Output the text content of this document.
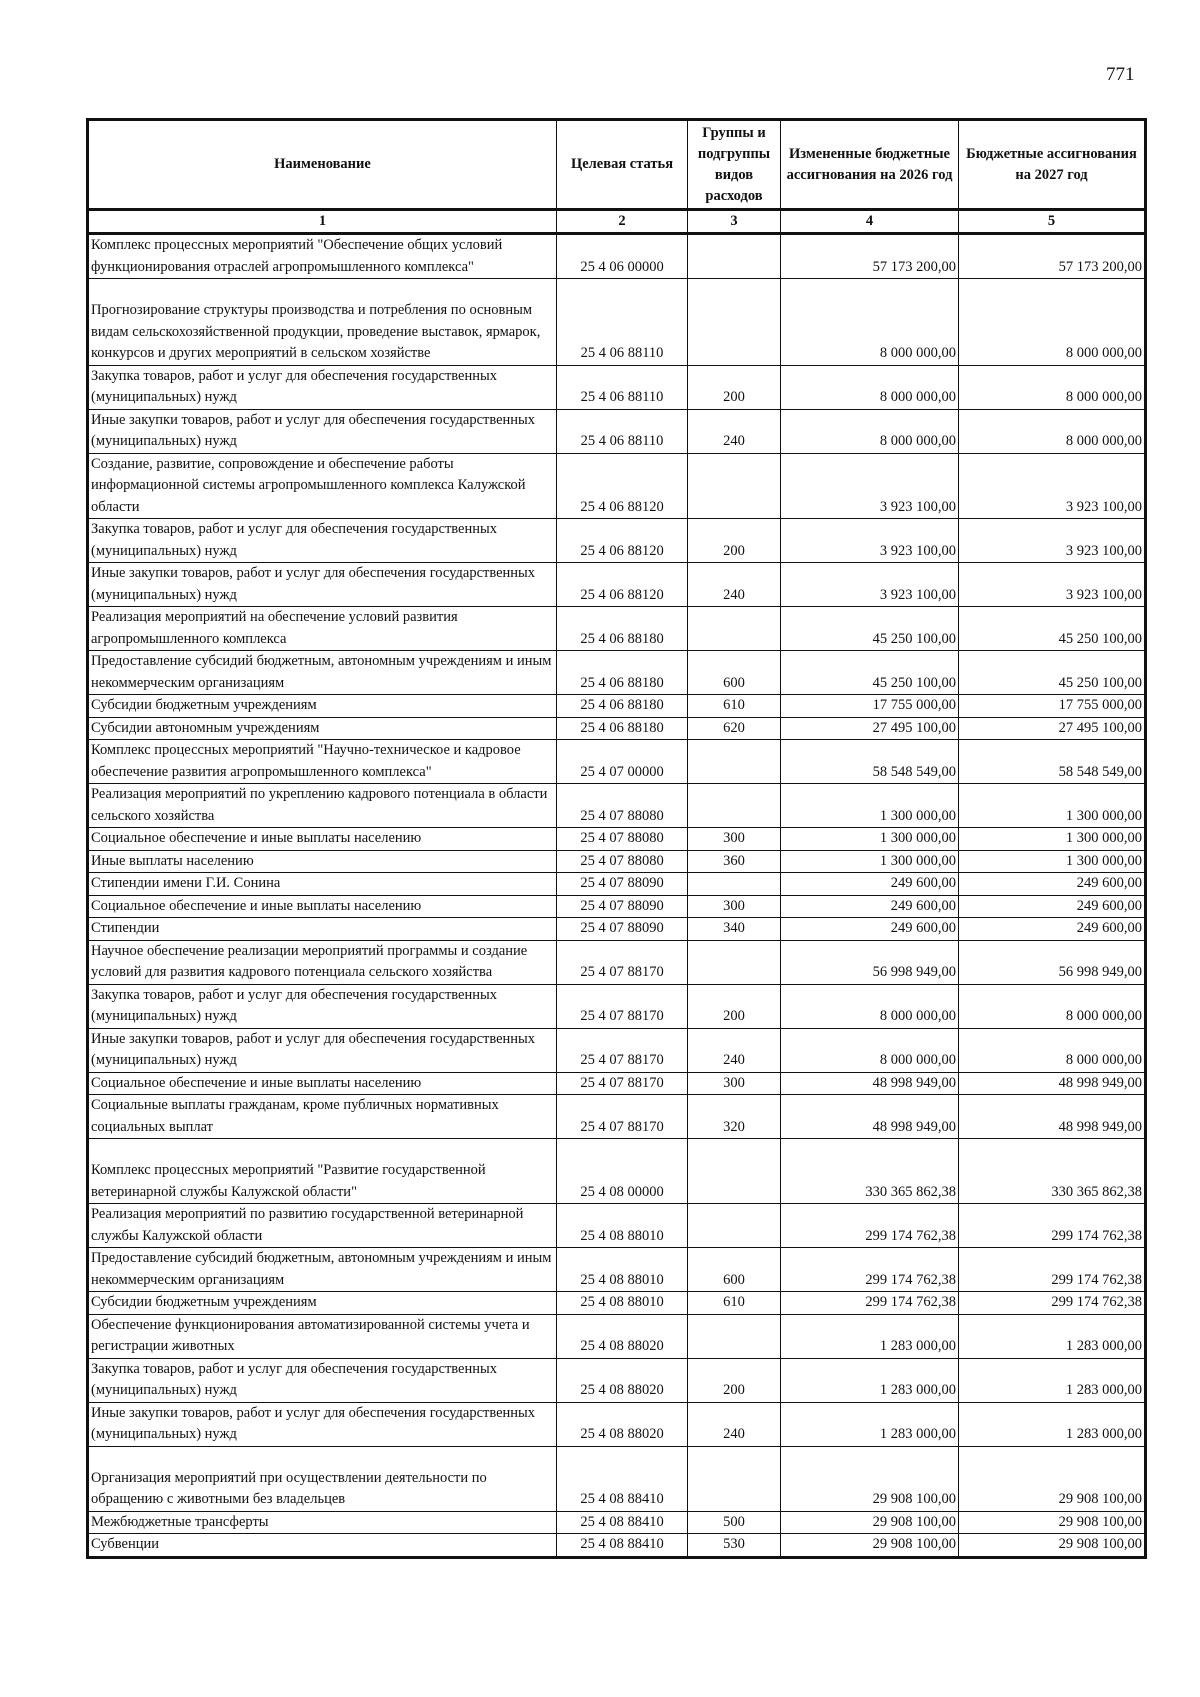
771
Наименование	Целевая статья	Группы и подгруппы видов расходов	Измененные бюджетные ассигнования на 2026 год	Бюджетные ассигнования на 2027 год
1	2	3	4	5
Комплекс процессных мероприятий "Обеспечение общих условий функционирования отраслей агропромышленного комплекса"	25 4 06 00000		57 173 200,00	57 173 200,00
Прогнозирование структуры производства и потребления по основным видам сельскохозяйственной продукции, проведение выставок, ярмарок, конкурсов и других мероприятий в сельском хозяйстве	25 4 06 88110		8 000 000,00	8 000 000,00
Закупка товаров, работ и услуг для обеспечения государственных (муниципальных) нужд	25 4 06 88110	200	8 000 000,00	8 000 000,00
Иные закупки товаров, работ и услуг для обеспечения государственных (муниципальных) нужд	25 4 06 88110	240	8 000 000,00	8 000 000,00
Создание, развитие, сопровождение и обеспечение работы информационной системы агропромышленного комплекса Калужской области	25 4 06 88120		3 923 100,00	3 923 100,00
Закупка товаров, работ и услуг для обеспечения государственных (муниципальных) нужд	25 4 06 88120	200	3 923 100,00	3 923 100,00
Иные закупки товаров, работ и услуг для обеспечения государственных (муниципальных) нужд	25 4 06 88120	240	3 923 100,00	3 923 100,00
Реализация мероприятий на обеспечение условий развития агропромышленного комплекса	25 4 06 88180		45 250 100,00	45 250 100,00
Предоставление субсидий бюджетным, автономным учреждениям и иным некоммерческим организациям	25 4 06 88180	600	45 250 100,00	45 250 100,00
Субсидии бюджетным учреждениям	25 4 06 88180	610	17 755 000,00	17 755 000,00
Субсидии автономным учреждениям	25 4 06 88180	620	27 495 100,00	27 495 100,00
Комплекс процессных мероприятий "Научно-техническое и кадровое обеспечение развития агропромышленного комплекса"	25 4 07 00000		58 548 549,00	58 548 549,00
Реализация мероприятий по укреплению кадрового потенциала в области сельского хозяйства	25 4 07 88080		1 300 000,00	1 300 000,00
Социальное обеспечение и иные выплаты населению	25 4 07 88080	300	1 300 000,00	1 300 000,00
Иные выплаты населению	25 4 07 88080	360	1 300 000,00	1 300 000,00
Стипендии имени Г.И. Сонина	25 4 07 88090		249 600,00	249 600,00
Социальное обеспечение и иные выплаты населению	25 4 07 88090	300	249 600,00	249 600,00
Стипендии	25 4 07 88090	340	249 600,00	249 600,00
Научное обеспечение реализации мероприятий программы и создание условий для развития кадрового потенциала сельского хозяйства	25 4 07 88170		56 998 949,00	56 998 949,00
Закупка товаров, работ и услуг для обеспечения государственных (муниципальных) нужд	25 4 07 88170	200	8 000 000,00	8 000 000,00
Иные закупки товаров, работ и услуг для обеспечения государственных (муниципальных) нужд	25 4 07 88170	240	8 000 000,00	8 000 000,00
Социальное обеспечение и иные выплаты населению	25 4 07 88170	300	48 998 949,00	48 998 949,00
Социальные выплаты гражданам, кроме публичных нормативных социальных выплат	25 4 07 88170	320	48 998 949,00	48 998 949,00
Комплекс процессных мероприятий "Развитие государственной ветеринарной службы Калужской области"	25 4 08 00000		330 365 862,38	330 365 862,38
Реализация мероприятий по развитию государственной ветеринарной службы Калужской области	25 4 08 88010		299 174 762,38	299 174 762,38
Предоставление субсидий бюджетным, автономным учреждениям и иным некоммерческим организациям	25 4 08 88010	600	299 174 762,38	299 174 762,38
Субсидии бюджетным учреждениям	25 4 08 88010	610	299 174 762,38	299 174 762,38
Обеспечение функционирования автоматизированной системы учета и регистрации животных	25 4 08 88020		1 283 000,00	1 283 000,00
Закупка товаров, работ и услуг для обеспечения государственных (муниципальных) нужд	25 4 08 88020	200	1 283 000,00	1 283 000,00
Иные закупки товаров, работ и услуг для обеспечения государственных (муниципальных) нужд	25 4 08 88020	240	1 283 000,00	1 283 000,00
Организация мероприятий при осуществлении деятельности по обращению с животными без владельцев	25 4 08 88410		29 908 100,00	29 908 100,00
Межбюджетные трансферты	25 4 08 88410	500	29 908 100,00	29 908 100,00
Субвенции	25 4 08 88410	530	29 908 100,00	29 908 100,00
